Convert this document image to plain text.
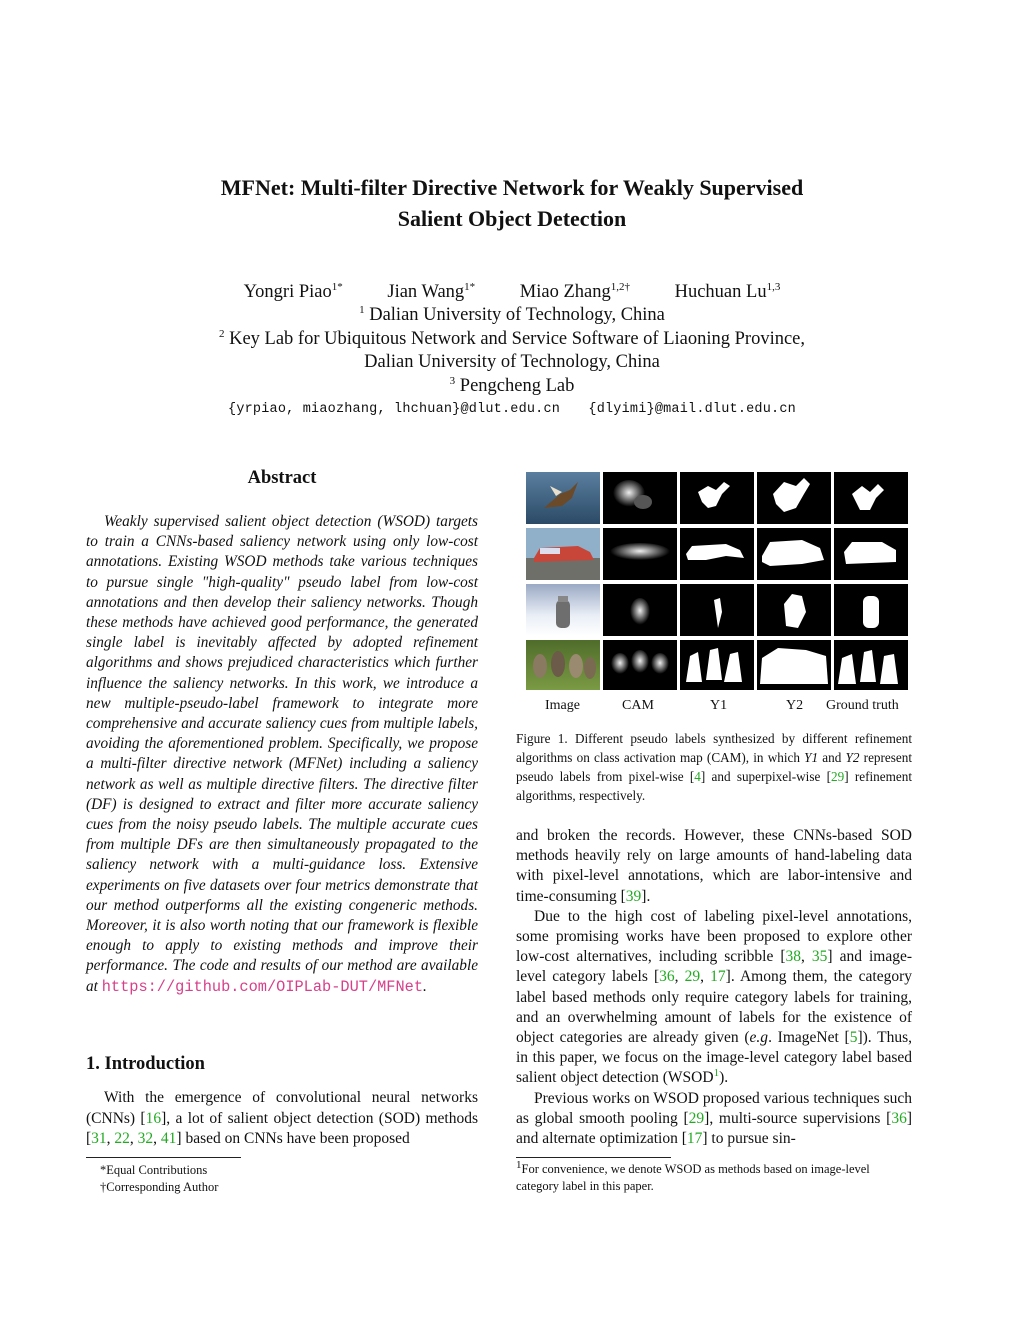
MFNet: Multi-filter Directive Network for Weakly Supervised
Salient Object Detection
Yongri Piao$^{1*}$ Jian Wang$^{1*}$ Miao Zhang$^{1,2\dagger}$ Huchuan Lu$^{1,3}$
$^1$ Dalian University of Technology, China
$^2$ Key Lab for Ubiquitous Network and Service Software of Liaoning Province,
Dalian University of Technology, China
$^3$ Pengcheng Lab
{yrpiao, miaozhang, lhchuan}@dlut.edu.cn {dlyimi}@mail.dlut.edu.cn
Abstract
Weakly supervised salient object detection (WSOD) targets to train a CNNs-based saliency network using only low-cost annotations. Existing WSOD methods take various techniques to pursue single "high-quality" pseudo label from low-cost annotations and then develop their saliency networks. Though these methods have achieved good performance, the generated single label is inevitably affected by adopted refinement algorithms and shows prejudiced characteristics which further influence the saliency networks. In this work, we introduce a new multiple-pseudo-label framework to integrate more comprehensive and accurate saliency cues from multiple labels, avoiding the aforementioned problem. Specifically, we propose a multi-filter directive network (MFNet) including a saliency network as well as multiple directive filters. The directive filter (DF) is designed to extract and filter more accurate saliency cues from the noisy pseudo labels. The multiple accurate cues from multiple DFs are then simultaneously propagated to the saliency network with a multi-guidance loss. Extensive experiments on five datasets over four metrics demonstrate that our method outperforms all the existing congeneric methods. Moreover, it is also worth noting that our framework is flexible enough to apply to existing methods and improve their performance. The code and results of our method are available at https://github.com/OIPLab-DUT/MFNet.
1. Introduction
With the emergence of convolutional neural networks (CNNs) [16], a lot of salient object detection (SOD) methods [31, 22, 32, 41] based on CNNs have been proposed
*Equal Contributions
†Corresponding Author
Image	CAM	Y1	Y2 Ground truth
Figure 1. Different pseudo labels synthesized by different refinement algorithms on class activation map (CAM), in which Y1 and Y2 represent pseudo labels from pixel-wise [4] and superpixel-wise [29] refinement algorithms, respectively.

and broken the records. However, these CNNs-based SOD methods heavily rely on large amounts of hand-labeling data with pixel-level annotations, which are labor-intensive and time-consuming [39].

Due to the high cost of labeling pixel-level annotations, some promising works have been proposed to explore other low-cost alternatives, including scribble [38, 35] and image-level category labels [36, 29, 17]. Among them, the category label based methods only require category labels for training, and an overwhelming amount of labels for the existence of object categories are already given (e.g. ImageNet [5]). Thus, in this paper, we focus on the image-level category label based salient object detection (WSOD$^1$).

Previous works on WSOD proposed various techniques such as global smooth pooling [29], multi-source supervisions [36] and alternate optimization [17] to pursue sin-

$^1$For convenience, we denote WSOD as methods based on image-level category label in this paper.
